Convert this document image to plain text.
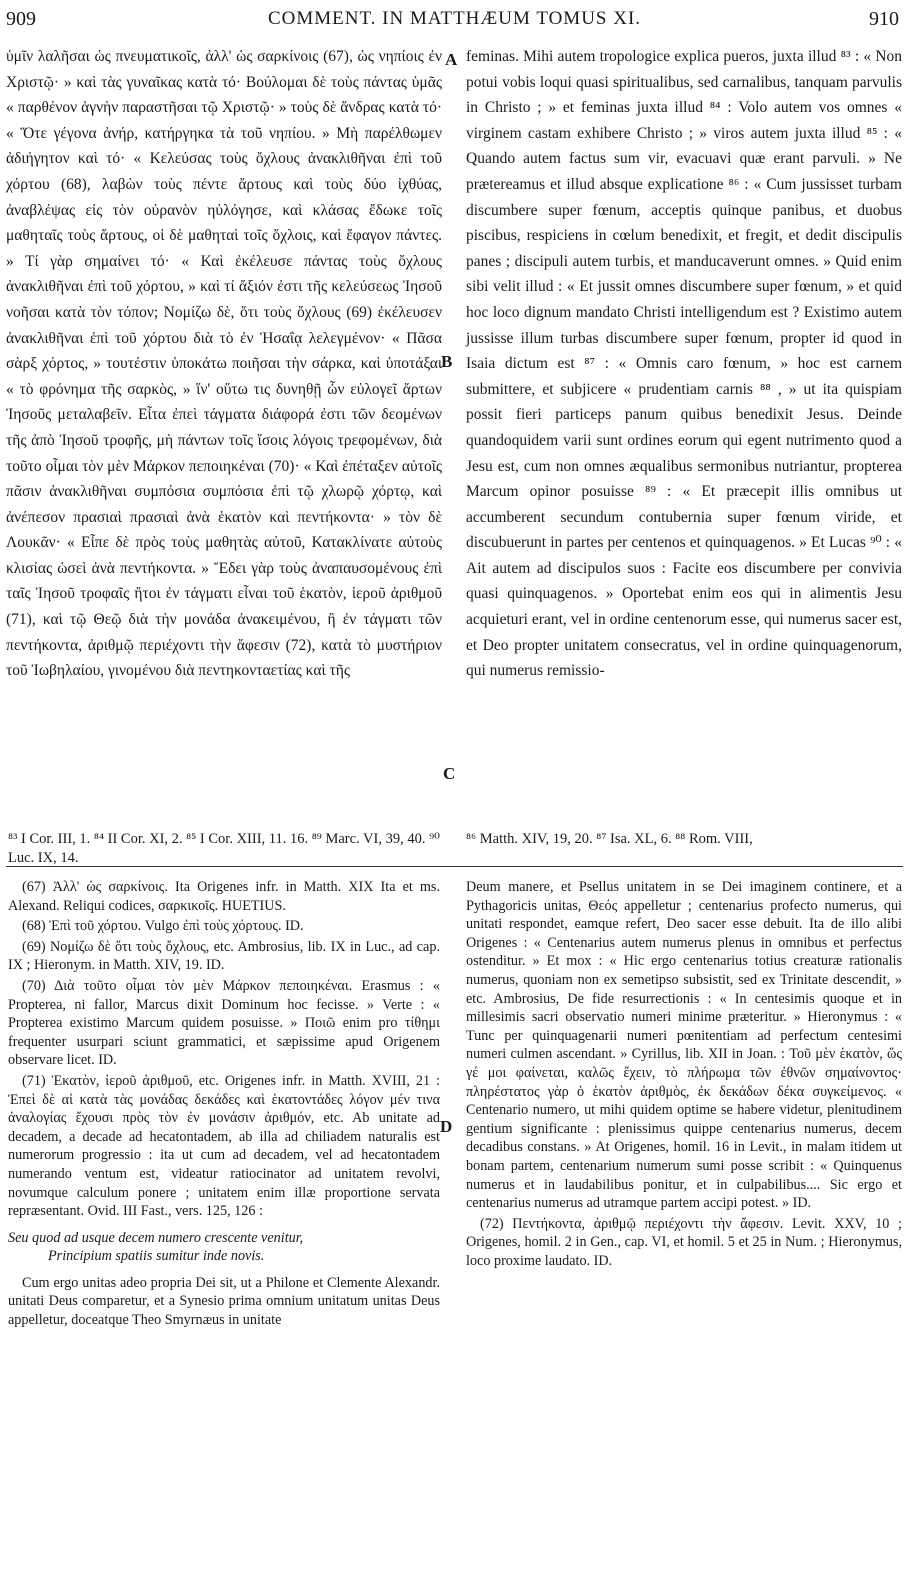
909	COMMENT. IN MATTHÆUM TOMUS XI.	910

ὑμῖν λαλῆσαι ὡς πνευματικοῖς, ἀλλ' ὡς σαρκίνοις (67), ὡς νηπίοις ἐν Χριστῷ· » καὶ τὰς γυναῖκας κατὰ τό· Βούλομαι δὲ τοὺς πάντας ὑμᾶς « παρθένον ἁγνὴν παραστῆσαι τῷ Χριστῷ· » τοὺς δὲ ἄνδρας κατὰ τό· « Ὅτε γέγονα ἀνήρ, κατήργηκα τὰ τοῦ νηπίου. » Μὴ παρέλθωμεν ἀδιήγητον καὶ τό· « Κελεύσας τοὺς ὄχλους ἀνακλιθῆναι ἐπὶ τοῦ χόρτου (68), λαβὼν τοὺς πέντε ἄρτους καὶ τοὺς δύο ἰχθύας, ἀναβλέψας εἰς τὸν οὐρανὸν ηὐλόγησε, καὶ κλάσας ἔδωκε τοῖς μαθηταῖς τοὺς ἄρτους, οἱ δὲ μαθηταὶ τοῖς ὄχλοις, καὶ ἔφαγον πάντες. » Τί γὰρ σημαίνει τό· « Καὶ ἐκέλευσε πάντας τοὺς ὄχλους ἀνακλιθῆναι ἐπὶ τοῦ χόρτου, » καὶ τί ἄξιόν ἐστι τῆς κελεύσεως Ἰησοῦ νοῆσαι κατὰ τὸν τόπον; Νομίζω δὲ, ὅτι τοὺς ὄχλους (69) ἐκέλευσεν ἀνακλιθῆναι ἐπὶ τοῦ χόρτου διὰ τὸ ἐν Ἡσαΐᾳ λελεγμένον· « Πᾶσα σὰρξ χόρτος, » τουτέστιν ὑποκάτω ποιῆσαι τὴν σάρκα, καὶ ὑποτάξαι « τὸ φρόνημα τῆς σαρκὸς, » ἵν' οὕτω τις δυνηθῇ ὧν εὐλογεῖ ἄρτων Ἰησοῦς μεταλαβεῖν. Εἶτα ἐπεὶ τάγματα διάφορά ἐστι τῶν δεομένων τῆς ἀπὸ Ἰησοῦ τροφῆς, μὴ πάντων τοῖς ἴσοις λόγοις τρεφομένων, διὰ τοῦτο οἶμαι τὸν μὲν Μάρκον πεποιηκέναι (70)· « Καὶ ἐπέταξεν αὐτοῖς πᾶσιν ἀνακλιθῆναι συμπόσια συμπόσια ἐπὶ τῷ χλωρῷ χόρτῳ, καὶ ἀνέπεσον πρασιαὶ πρασιαὶ ἀνὰ ἑκατὸν καὶ πεντήκοντα· » τὸν δὲ Λουκᾶν· « Εἶπε δὲ πρὸς τοὺς μαθητὰς αὐτοῦ, Κατακλίνατε αὐτοὺς κλισίας ὡσεὶ ἀνὰ πεντήκοντα. » Ἔδει γὰρ τοὺς ἀναπαυσομένους ἐπὶ ταῖς Ἰησοῦ τροφαῖς ἤτοι ἐν τάγματι εἶναι τοῦ ἑκατὸν, ἱεροῦ ἀριθμοῦ (71), καὶ τῷ Θεῷ διὰ τὴν μονάδα ἀνακειμένου, ἢ ἐν τάγματι τῶν πεντήκοντα, ἀριθμῷ περιέχοντι τὴν ἄφεσιν (72), κατὰ τὸ μυστήριον τοῦ Ἰωβηλαίου, γινομένου διὰ πεντηκονταετίας καὶ τῆς

A
B
C
D

feminas. Mihi autem tropologice explica pueros, juxta illud ⁸³ : « Non potui vobis loqui quasi spiritualibus, sed carnalibus, tanquam parvulis in Christo ; » et feminas juxta illud ⁸⁴ : Volo autem vos omnes « virginem castam exhibere Christo ; » viros autem juxta illud ⁸⁵ : « Quando autem factus sum vir, evacuavi quæ erant parvuli. » Ne prætereamus et illud absque explicatione ⁸⁶ : « Cum jussisset turbam discumbere super fœnum, acceptis quinque panibus, et duobus piscibus, respiciens in cœlum benedixit, et fregit, et dedit discipulis panes ; discipuli autem turbis, et manducaverunt omnes. » Quid enim sibi velit illud : « Et jussit omnes discumbere super fœnum, » et quid hoc loco dignum mandato Christi intelligendum est ? Existimo autem jussisse illum turbas discumbere super fœnum, propter id quod in Isaia dictum est ⁸⁷ : « Omnis caro fœnum, » hoc est carnem submittere, et subjicere « prudentiam carnis ⁸⁸ , » ut ita quispiam possit fieri particeps panum quibus benedixit Jesus. Deinde quandoquidem varii sunt ordines eorum qui egent nutrimento quod a Jesu est, cum non omnes æqualibus sermonibus nutriantur, propterea Marcum opinor posuisse ⁸⁹ : « Et præcepit illis omnibus ut accumberent secundum contubernia super fœnum viride, et discubuerunt in partes per centenos et quinquagenos. » Et Lucas ⁹⁰ : « Ait autem ad discipulos suos : Facite eos discumbere per convivia quasi quinquagenos. » Oportebat enim eos qui in alimentis Jesu acquieturi erant, vel in ordine centenorum esse, qui numerus sacer est, et Deo propter unitatem consecratus, vel in ordine quinquagenorum, qui numerus remissio-

⁸³ I Cor. III, 1. ⁸⁴ II Cor. XI, 2. ⁸⁵ I Cor. XIII, 11. 16. ⁸⁹ Marc. VI, 39, 40. ⁹⁰ Luc. IX, 14.
⁸⁶ Matth. XIV, 19, 20. ⁸⁷ Isa. XL, 6. ⁸⁸ Rom. VIII,

(67) Ἀλλ' ὡς σαρκίνοις. Ita Origenes infr. in Matth. XIX Ita et ms. Alexand. Reliqui codices, σαρκικοῖς. HUETIUS.

(68) Ἐπὶ τοῦ χόρτου. Vulgo ἐπὶ τοὺς χόρτους. ID.

(69) Νομίζω δὲ ὅτι τοὺς ὄχλους, etc. Ambrosius, lib. IX in Luc., ad cap. IX ; Hieronym. in Matth. XIV, 19. ID.

(70) Διὰ τοῦτο οἶμαι τὸν μὲν Μάρκον πεποιηκέναι. Erasmus : « Propterea, ni fallor, Marcus dixit Dominum hoc fecisse. » Verte : « Propterea existimo Marcum quidem posuisse. » Ποιῶ enim pro τίθημι frequenter usurpari sciunt grammatici, et sæpissime apud Origenem observare licet. ID.

(71) Ἑκατὸν, ἱεροῦ ἀριθμοῦ, etc. Origenes infr. in Matth. XVIII, 21 : Ἐπεὶ δὲ αἱ κατὰ τὰς μονάδας δεκάδες καὶ ἑκατοντάδες λόγον μέν τινα ἀναλογίας ἔχουσι πρὸς τὸν ἐν μονάσιν ἀριθμόν, etc. Ab unitate ad decadem, a decade ad hecatontadem, ab illa ad chiliadem naturalis est numerorum progressio : ita ut cum ad decadem, vel ad hecatontadem numerando ventum est, videatur ratiocinator ad unitatem revolvi, novumque calculum ponere ; unitatem enim illæ proportione servata repræsentant. Ovid. III Fast., vers. 125, 126 :

Seu quod ad usque decem numero crescente venitur,
Principium spatiis sumitur inde novis.

Cum ergo unitas adeo propria Dei sit, ut a Philone et Clemente Alexandr. unitati Deus comparetur, et a Synesio prima omnium unitatum unitas Deus appelletur, doceatque Theo Smyrnæus in unitate

Deum manere, et Psellus unitatem in se Dei imaginem continere, et a Pythagoricis unitas, Θεός appelletur ; centenarius profecto numerus, qui unitati respondet, eamque refert, Deo sacer esse debuit. Ita de illo alibi Origenes : « Centenarius autem numerus plenus in omnibus et perfectus ostenditur. » Et mox : « Hic ergo centenarius totius creaturæ rationalis numerus, quoniam non ex semetipso subsistit, sed ex Trinitate descendit, » etc. Ambrosius, De fide resurrectionis : « In centesimis quoque et in millesimis sacri observatio numeri minime præteritur. » Hieronymus : « Tunc per quinquagenarii numeri pœnitentiam ad perfectum centesimi numeri culmen ascendant. » Cyrillus, lib. XII in Joan. : Τοῦ μὲν ἑκατὸν, ὥς γέ μοι φαίνεται, καλῶς ἔχειν, τὸ πλήρωμα τῶν ἐθνῶν σημαίνοντος· πληρέστατος γὰρ ὁ ἑκατὸν ἀριθμὸς, ἐκ δεκάδων δέκα συγκείμενος. « Centenario numero, ut mihi quidem optime se habere videtur, plenitudinem gentium significante : plenissimus quippe centenarius numerus, decem decadibus constans. » At Origenes, homil. 16 in Levit., in malam itidem ut bonam partem, centenarium numerum sumi posse scribit : « Quinquenus numerus et in laudabilibus ponitur, et in culpabilibus.... Sic ergo et centenarius numerus ad utramque partem accipi potest. » ID.

(72) Πεντήκοντα, ἀριθμῷ περιέχοντι τὴν ἄφεσιν. Levit. XXV, 10 ; Origenes, homil. 2 in Gen., cap. VI, et homil. 5 et 25 in Num. ; Hieronymus, loco proxime laudato. ID.
